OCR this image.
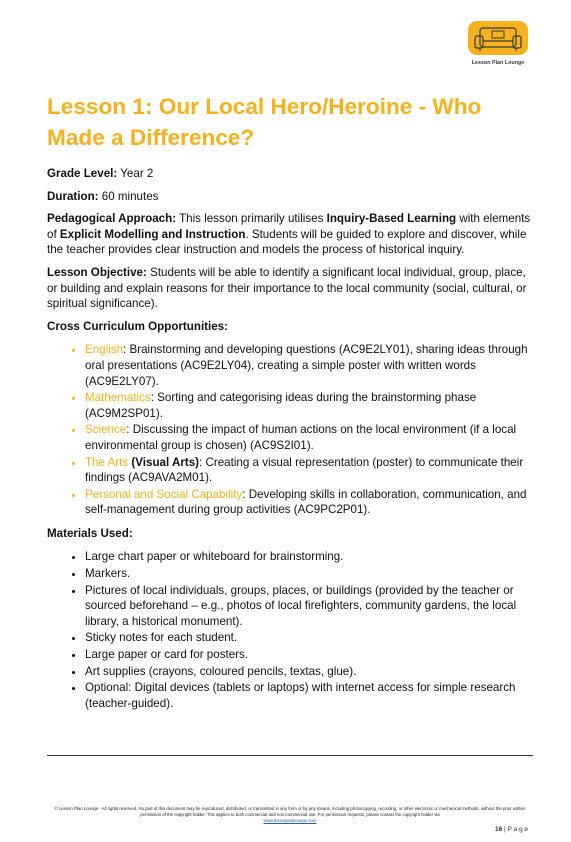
Lesson Plan Lounge
Lesson 1: Our Local Hero/Heroine - Who Made a Difference?

Grade Level: Year 2

Duration: 60 minutes

Pedagogical Approach: This lesson primarily utilises Inquiry-Based Learning with elements of Explicit Modelling and Instruction. Students will be guided to explore and discover, while the teacher provides clear instruction and models the process of historical inquiry.

Lesson Objective: Students will be able to identify a significant local individual, group, place, or building and explain reasons for their importance to the local community (social, cultural, or spiritual significance).

Cross Curriculum Opportunities:
• English: Brainstorming and developing questions (AC9E2LY01), sharing ideas through oral presentations (AC9E2LY04), creating a simple poster with written words (AC9E2LY07).
• Mathematics: Sorting and categorising ideas during the brainstorming phase (AC9M2SP01).
• Science: Discussing the impact of human actions on the local environment (if a local environmental group is chosen) (AC9S2I01).
• The Arts (Visual Arts): Creating a visual representation (poster) to communicate their findings (AC9AVA2M01).
• Personal and Social Capability: Developing skills in collaboration, communication, and self-management during group activities (AC9PC2P01).
Materials Used:
• Large chart paper or whiteboard for brainstorming.
• Markers.
• Pictures of local individuals, groups, places, or buildings (provided by the teacher or sourced beforehand – e.g., photos of local firefighters, community gardens, the local library, a historical monument).
• Sticky notes for each student.
• Large paper or card for posters.
• Art supplies (crayons, coloured pencils, textas, glue).
• Optional: Digital devices (tablets or laptops) with internet access for simple research (teacher-guided).
© Lesson Plan Lounge - All rights reserved. No part of this document may be reproduced, distributed, or transmitted in any form or by any means, including photocopying, recording, or other electronic or mechanical methods, without the prior written permission of the copyright holder. This applies to both commercial and non-commercial use. For permission requests, please contact the copyright holder via
www.lessonplanlounge.com
16 | P a g e
